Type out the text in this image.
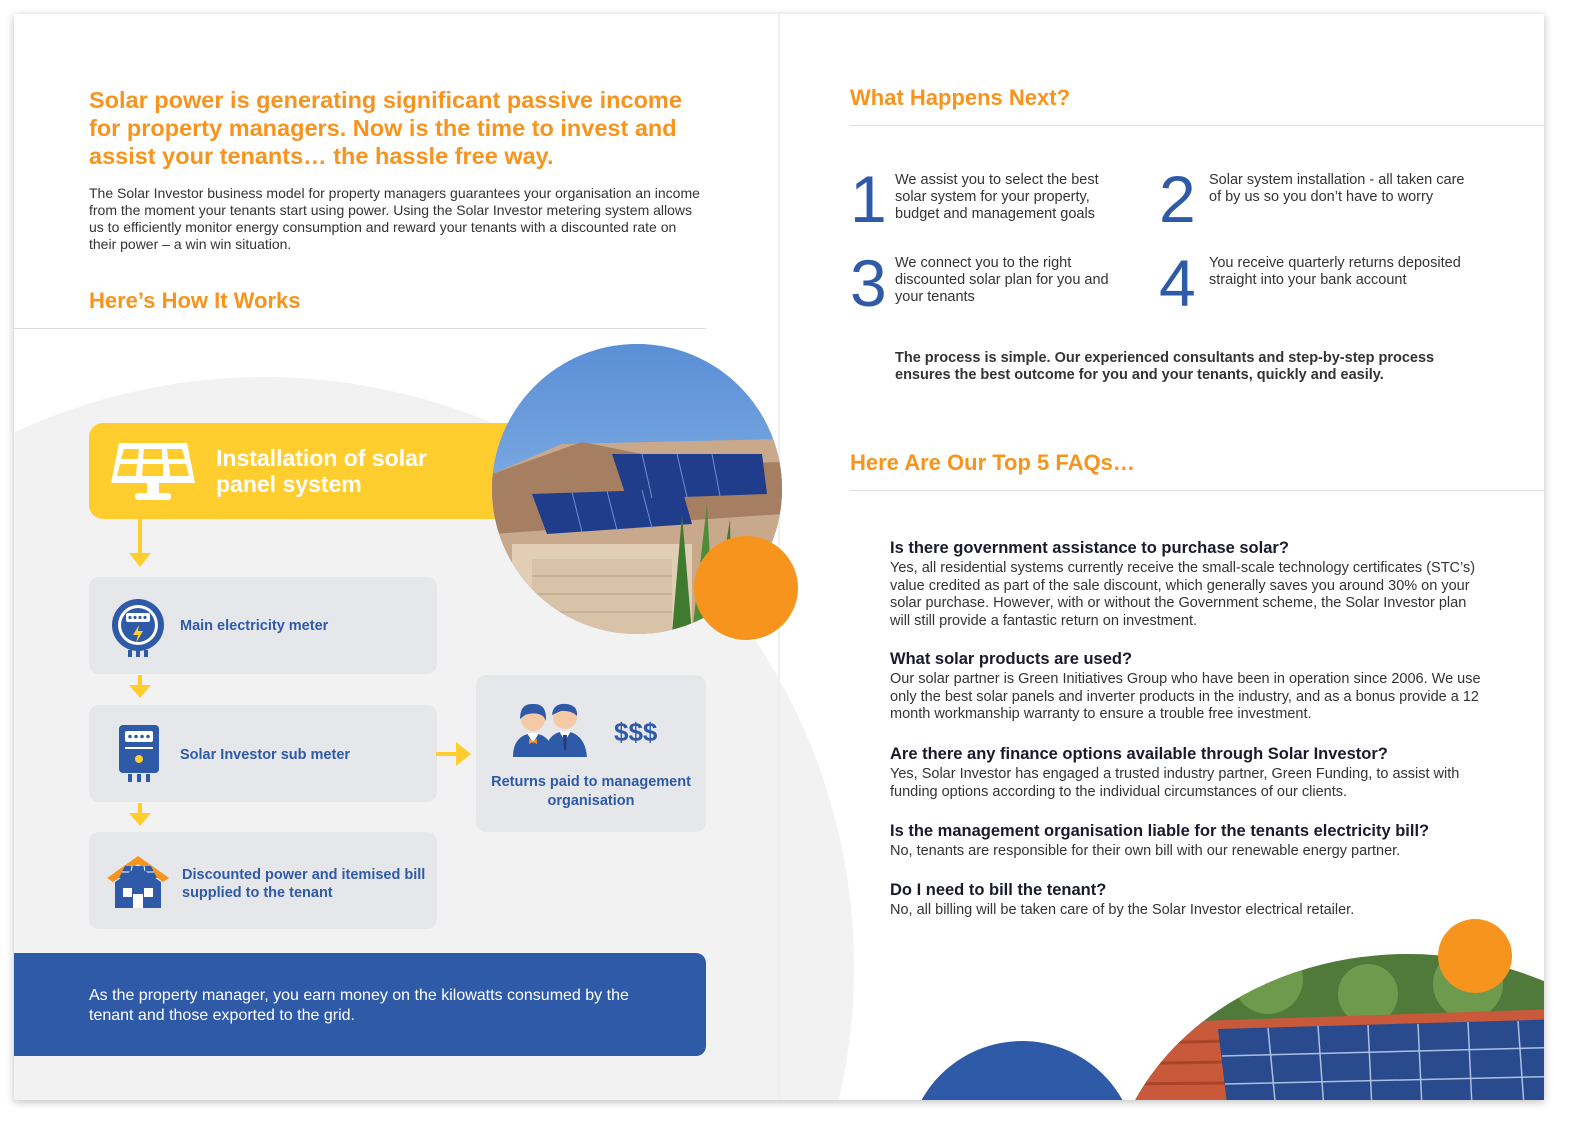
Solar power is generating significant passive income for property managers. Now is the time to invest and assist your tenants… the hassle free way.
The Solar Investor business model for property managers guarantees your organisation an income from the moment your tenants start using power. Using the Solar Investor metering system allows us to efficiently monitor energy consumption and reward your tenants with a discounted rate on their power – a win win situation.
Here’s How It Works
Installation of solar panel system
Main electricity meter
Solar Investor sub meter
Discounted power and itemised bill supplied to the tenant
$$$
Returns paid to management organisation
As the property manager, you earn money on the kilowatts consumed by the tenant and those exported to the grid.
What Happens Next?
1 We assist you to select the best solar system for your property, budget and management goals 2 Solar system installation - all taken care of by us so you don’t have to worry
3 We connect you to the right discounted solar plan for you and your tenants	4 You receive quarterly returns deposited straight into your bank account
The process is simple. Our experienced consultants and step-by-step process ensures the best outcome for you and your tenants, quickly and easily.
Here Are Our Top 5 FAQs…
Is there government assistance to purchase solar?
Yes, all residential systems currently receive the small-scale technology certificates (STC’s) value credited as part of the sale discount, which generally saves you around 30% on your solar purchase. However, with or without the Government scheme, the Solar Investor plan will still provide a fantastic return on investment.
What solar products are used?
Our solar partner is Green Initiatives Group who have been in operation since 2006. We use only the best solar panels and inverter products in the industry, and as a bonus provide a 12 month workmanship warranty to ensure a trouble free investment.
Are there any finance options available through Solar Investor?
Yes, Solar Investor has engaged a trusted industry partner, Green Funding, to assist with funding options according to the individual circumstances of our clients.
Is the management organisation liable for the tenants electricity bill?
No, tenants are responsible for their own bill with our renewable energy partner.
Do I need to bill the tenant?
No, all billing will be taken care of by the Solar Investor electrical retailer.
